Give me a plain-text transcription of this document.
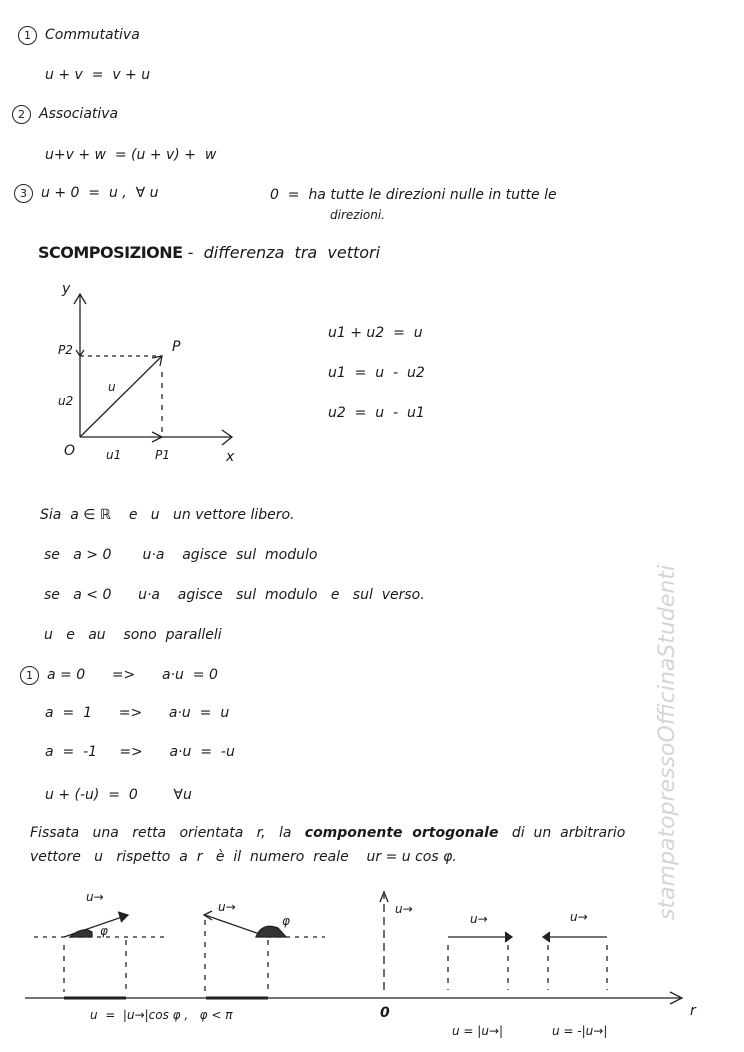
1 Commutativa
u + v  =  v + u
2 Associativa
u+v + w  = (u + v) +  w
3 u + 0  =  u ,  ∀ u	0  =  ha tutte le direzioni nulle in tutte le
direzioni.
SCOMPOSIZIONE -  differenza  tra  vettori
y
P2	P
u
u2
O	u1	P1	x
u1 + u2  =  u
u1  =  u  -  u2
u2  =  u  -  u1
Sia  a ∈ ℝ    e   u   un vettore libero.
se   a > 0       u·a    agisce  sul  modulo
se   a < 0      u·a    agisce   sul  modulo   e   sul  verso.
u   e   au    sono  paralleli
1 a = 0      =>      a·u  = 0
a  =  1      =>      a·u  =  u
a  =  -1     =>      a·u  =  -u
u + (-u)  =  0        ∀u
Fissata   una   retta   orientata   r,   la   componente  ortogonale   di  un  arbitrario
vettore   u   rispetto  a  r   è  il  numero  reale    ur = u cos φ.
u→
φ
u→
φ
u→
u→	u→
r
0
u  =  |u→|cos φ ,   φ < π
u = |u→|	u = -|u→|
stampatopressoOfficinaStudenti
